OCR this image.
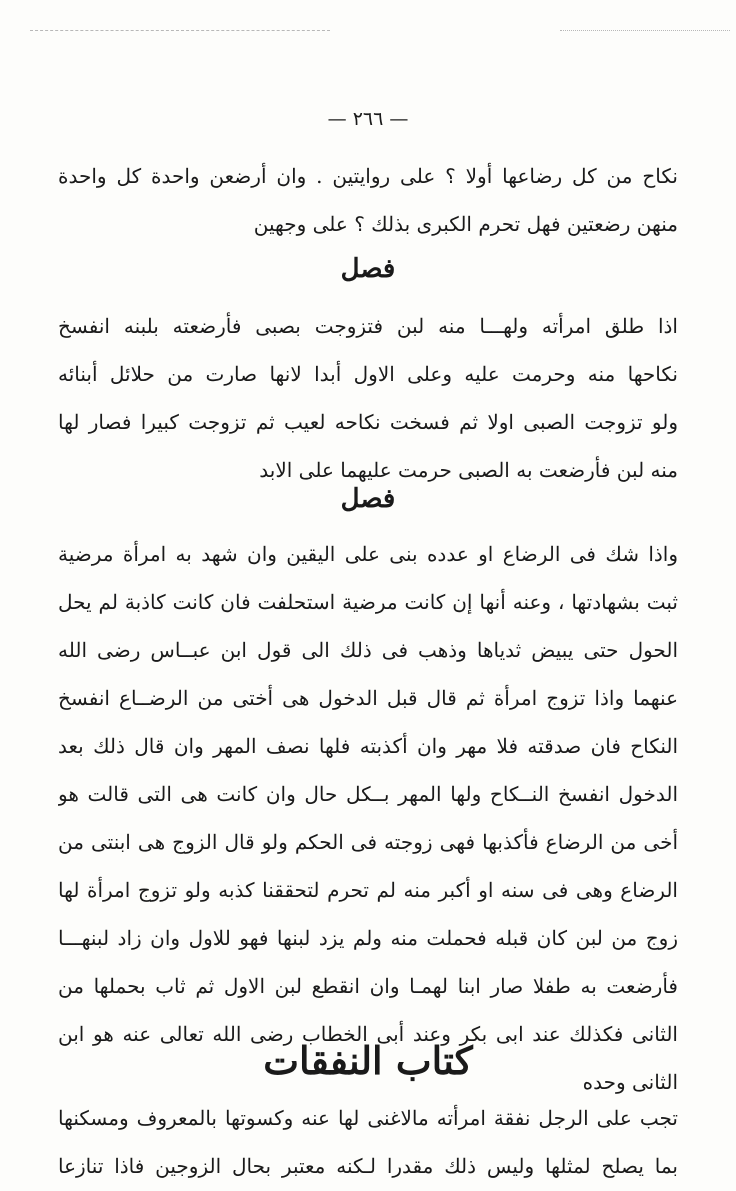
— ٢٦٦ —
نكاح من كل رضاعها أولا ؟ على روايتين . وان أرضعن واحدة كل واحدة
منهن رضعتين فهل تحرم الكبرى بذلك ؟ على وجهين
فصل
اذا طلق امرأته ولهـــا منه لبن فتزوجت بصبى فأرضعته بلبنه انفسخ
نكاحها منه وحرمت عليه وعلى الاول أبدا لانها صارت من حلائل أبنائه
ولو تزوجت الصبى اولا ثم فسخت نكاحه لعيب ثم تزوجت كبيرا فصار لها
منه لبن فأرضعت به الصبى حرمت عليهما على الابد
فصل
واذا شك فى الرضاع او عدده بنى على اليقين وان شهد به امرأة مرضية
ثبت بشهادتها ، وعنه أنها إن كانت مرضية استحلفت فان كانت كاذبة لم يحل
الحول حتى يبيض ثدياها وذهب فى ذلك الى قول ابن عبــاس رضى الله
عنهما واذا تزوج امرأة ثم قال قبل الدخول هى أختى من الرضــاع انفسخ
النكاح فان صدقته فلا مهر وان أكذبته فلها نصف المهر وان قال ذلك بعد
الدخول انفسخ النــكاح ولها المهر بــكل حال وان كانت هى التى قالت هو
أخى من الرضاع فأكذبها فهى زوجته فى الحكم ولو قال الزوج هى ابنتى من
الرضاع وهى فى سنه او أكبر منه لم تحرم لتحققنا كذبه ولو تزوج امرأة لها
زوج من لبن كان قبله فحملت منه ولم يزد لبنها فهو للاول وان زاد لبنهـــا
فأرضعت به طفلا صار ابنا لهمـا وان انقطع لبن الاول ثم ثاب بحملها من
الثانى فكذلك عند ابى بكر وعند أبى الخطاب رضى الله تعالى عنه هو ابن
الثانى وحده
كتاب النفقات
تجب على الرجل نفقة امرأته مالاغنى لها عنه وكسوتها بالمعروف ومسكنها
بما يصلح لمثلها وليس ذلك مقدرا لـكنه معتبر بحال الزوجين فاذا تنازعا
